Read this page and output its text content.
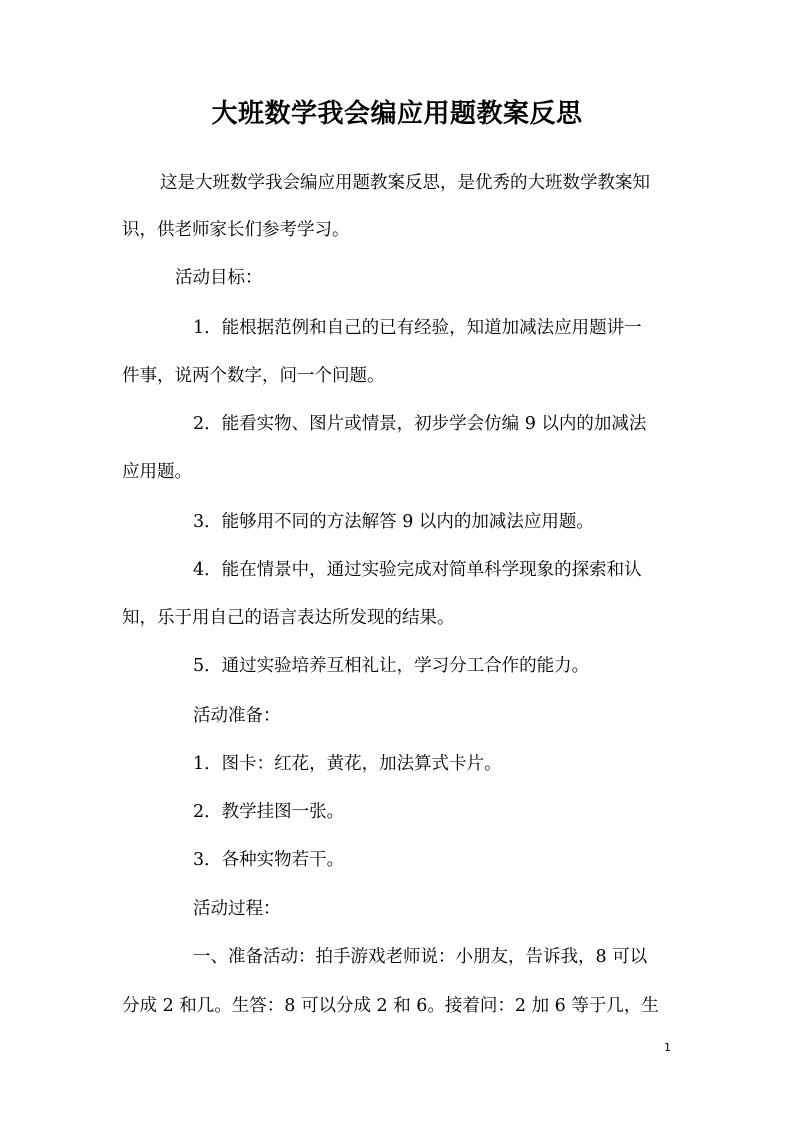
大班数学我会编应用题教案反思
这是大班数学我会编应用题教案反思，是优秀的大班数学教案知
识，供老师家长们参考学习。
活动目标：
1．能根据范例和自己的已有经验，知道加减法应用题讲一
件事，说两个数字，问一个问题。
2．能看实物、图片或情景，初步学会仿编 9 以内的加减法
应用题。
3．能够用不同的方法解答 9 以内的加减法应用题。
4．能在情景中，通过实验完成对简单科学现象的探索和认
知，乐于用自己的语言表达所发现的结果。
5．通过实验培养互相礼让，学习分工合作的能力。
活动准备：
1．图卡：红花，黄花，加法算式卡片。
2．教学挂图一张。
3．各种实物若干。
活动过程：
一、准备活动：拍手游戏老师说：小朋友，告诉我，8 可以
分成 2 和几。生答：8 可以分成 2 和 6。接着问：2 加 6 等于几，生
1
